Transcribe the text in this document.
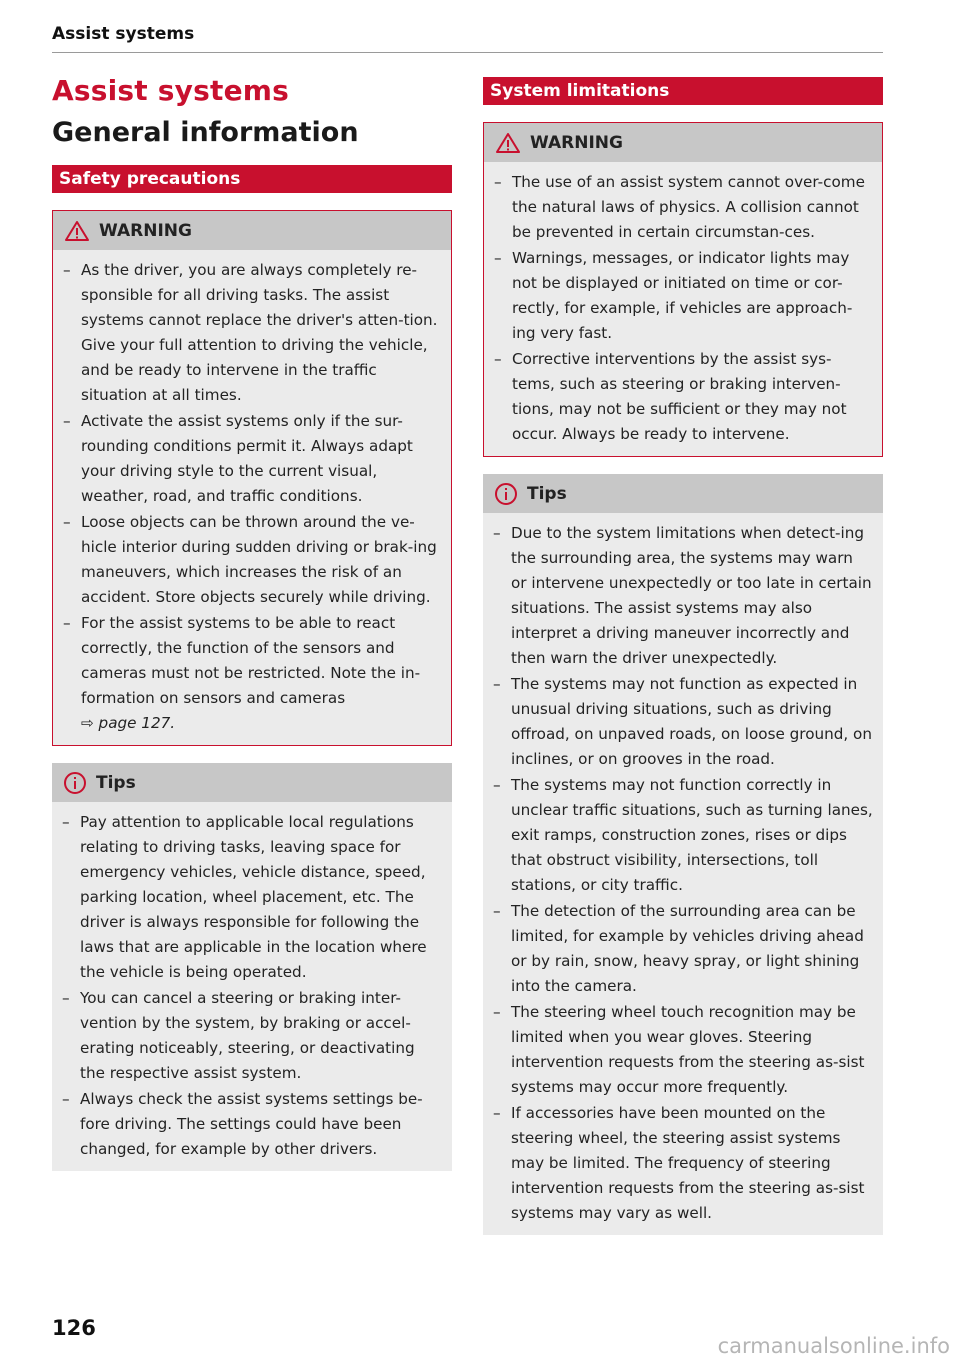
Assist systems
Assist systems
General information
Safety precautions
WARNING
– As the driver, you are always completely re-sponsible for all driving tasks. The assist systems cannot replace the driver's atten-tion. Give your full attention to driving the vehicle, and be ready to intervene in the traffic situation at all times.
– Activate the assist systems only if the sur-rounding conditions permit it. Always adapt your driving style to the current visual, weather, road, and traffic conditions.
– Loose objects can be thrown around the ve-hicle interior during sudden driving or brak-ing maneuvers, which increases the risk of an accident. Store objects securely while driving.
– For the assist systems to be able to react correctly, the function of the sensors and cameras must not be restricted. Note the in-formation on sensors and cameras
⇨ page 127.
Tips
– Pay attention to applicable local regulations relating to driving tasks, leaving space for emergency vehicles, vehicle distance, speed, parking location, wheel placement, etc. The driver is always responsible for following the laws that are applicable in the location where the vehicle is being operated.
– You can cancel a steering or braking inter-vention by the system, by braking or accel-erating noticeably, steering, or deactivating the respective assist system.
– Always check the assist systems settings be-fore driving. The settings could have been changed, for example by other drivers.
System limitations
WARNING
– The use of an assist system cannot over-come the natural laws of physics. A collision cannot be prevented in certain circumstan-ces.
– Warnings, messages, or indicator lights may not be displayed or initiated on time or cor-rectly, for example, if vehicles are approach-ing very fast.
– Corrective interventions by the assist sys-tems, such as steering or braking interven-tions, may not be sufficient or they may not occur. Always be ready to intervene.
Tips
– Due to the system limitations when detect-ing the surrounding area, the systems may warn or intervene unexpectedly or too late in certain situations. The assist systems may also interpret a driving maneuver incorrectly and then warn the driver unexpectedly.
– The systems may not function as expected in unusual driving situations, such as driving offroad, on unpaved roads, on loose ground, on inclines, or on grooves in the road.
– The systems may not function correctly in unclear traffic situations, such as turning lanes, exit ramps, construction zones, rises or dips that obstruct visibility, intersections, toll stations, or city traffic.
– The detection of the surrounding area can be limited, for example by vehicles driving ahead or by rain, snow, heavy spray, or light shining into the camera.
– The steering wheel touch recognition may be limited when you wear gloves. Steering intervention requests from the steering as-sist systems may occur more frequently.
– If accessories have been mounted on the steering wheel, the steering assist systems may be limited. The frequency of steering intervention requests from the steering as-sist systems may vary as well.
126
carmanualsonline.info
